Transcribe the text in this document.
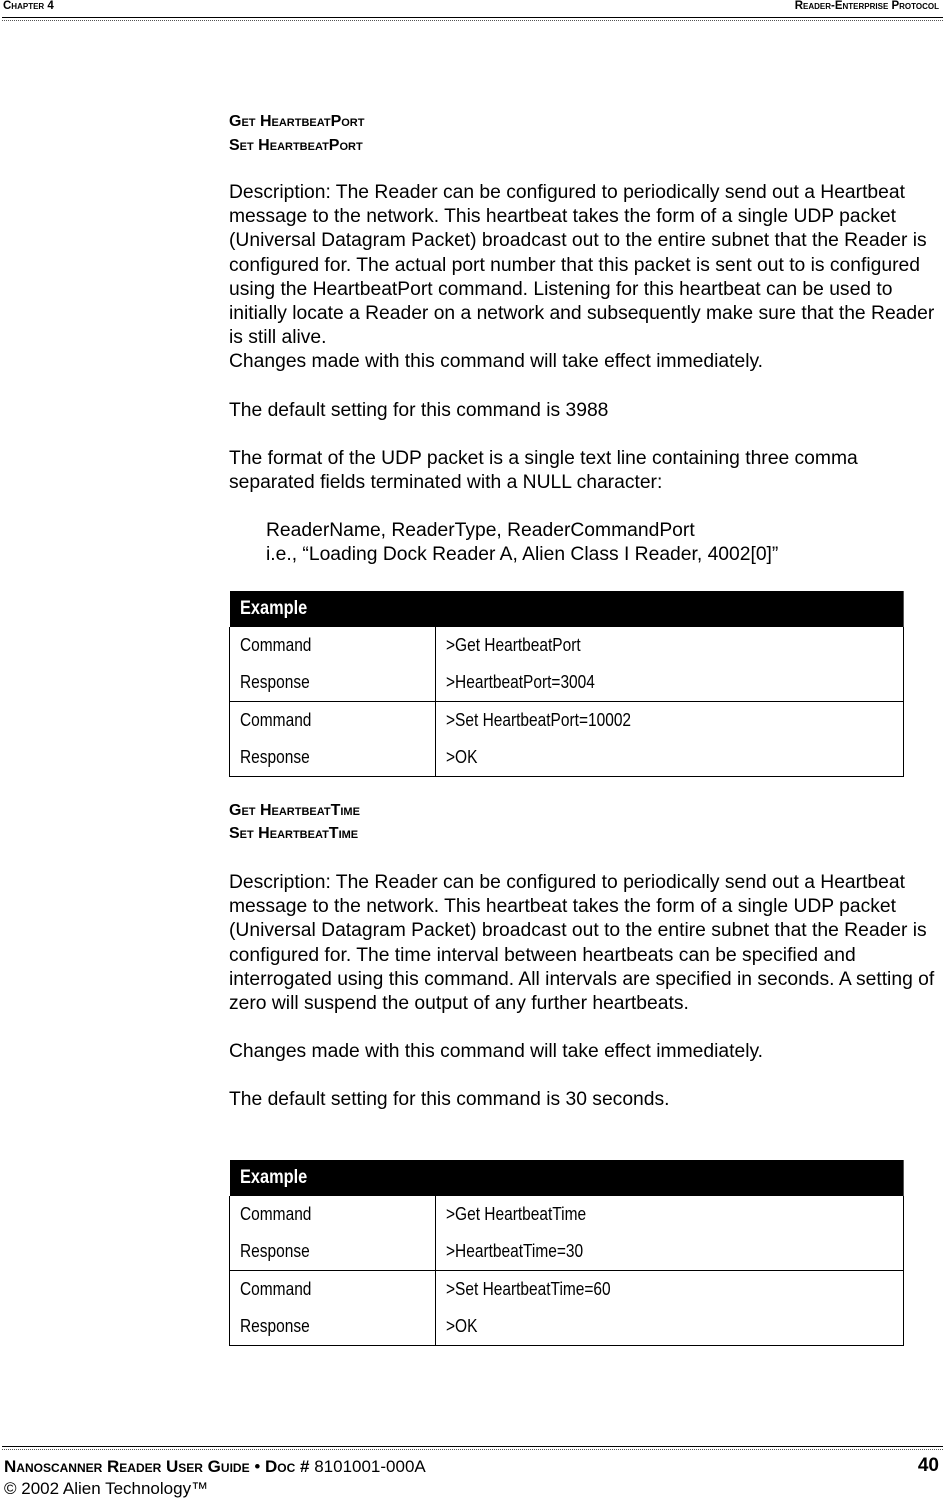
Chapter 4	Reader-Enterprise Protocol
Get HeartbeatPort
Set HeartbeatPort

Description: The Reader can be configured to periodically send out a Heartbeat message to the network. This heartbeat takes the form of a single UDP packet (Universal Datagram Packet) broadcast out to the entire subnet that the Reader is configured for. The actual port number that this packet is sent out to is configured using the HeartbeatPort command. Listening for this heartbeat can be used to initially locate a Reader on a network and subsequently make sure that the Reader is still alive.

Changes made with this command will take effect immediately.

The default setting for this command is 3988

The format of the UDP packet is a single text line containing three comma separated fields terminated with a NULL character:

ReaderName, ReaderType, ReaderCommandPort

i.e., “Loading Dock Reader A, Alien Class I Reader, 4002[0]”

Example	
Command	>Get HeartbeatPort
Response	>HeartbeatPort=3004
Command	>Set HeartbeatPort=10002
Response	>OK
Get HeartbeatTime
Set HeartbeatTime

Description: The Reader can be configured to periodically send out a Heartbeat message to the network. This heartbeat takes the form of a single UDP packet (Universal Datagram Packet) broadcast out to the entire subnet that the Reader is configured for. The time interval between heartbeats can be specified and interrogated using this command. All intervals are specified in seconds. A setting of zero will suspend the output of any further heartbeats.

Changes made with this command will take effect immediately.

The default setting for this command is 30 seconds.

Example	
Command	>Get HeartbeatTime
Response	>HeartbeatTime=30
Command	>Set HeartbeatTime=60
Response	>OK
Nanoscanner Reader User Guide • Doc # 8101001-000A
© 2002 Alien Technology™
40
